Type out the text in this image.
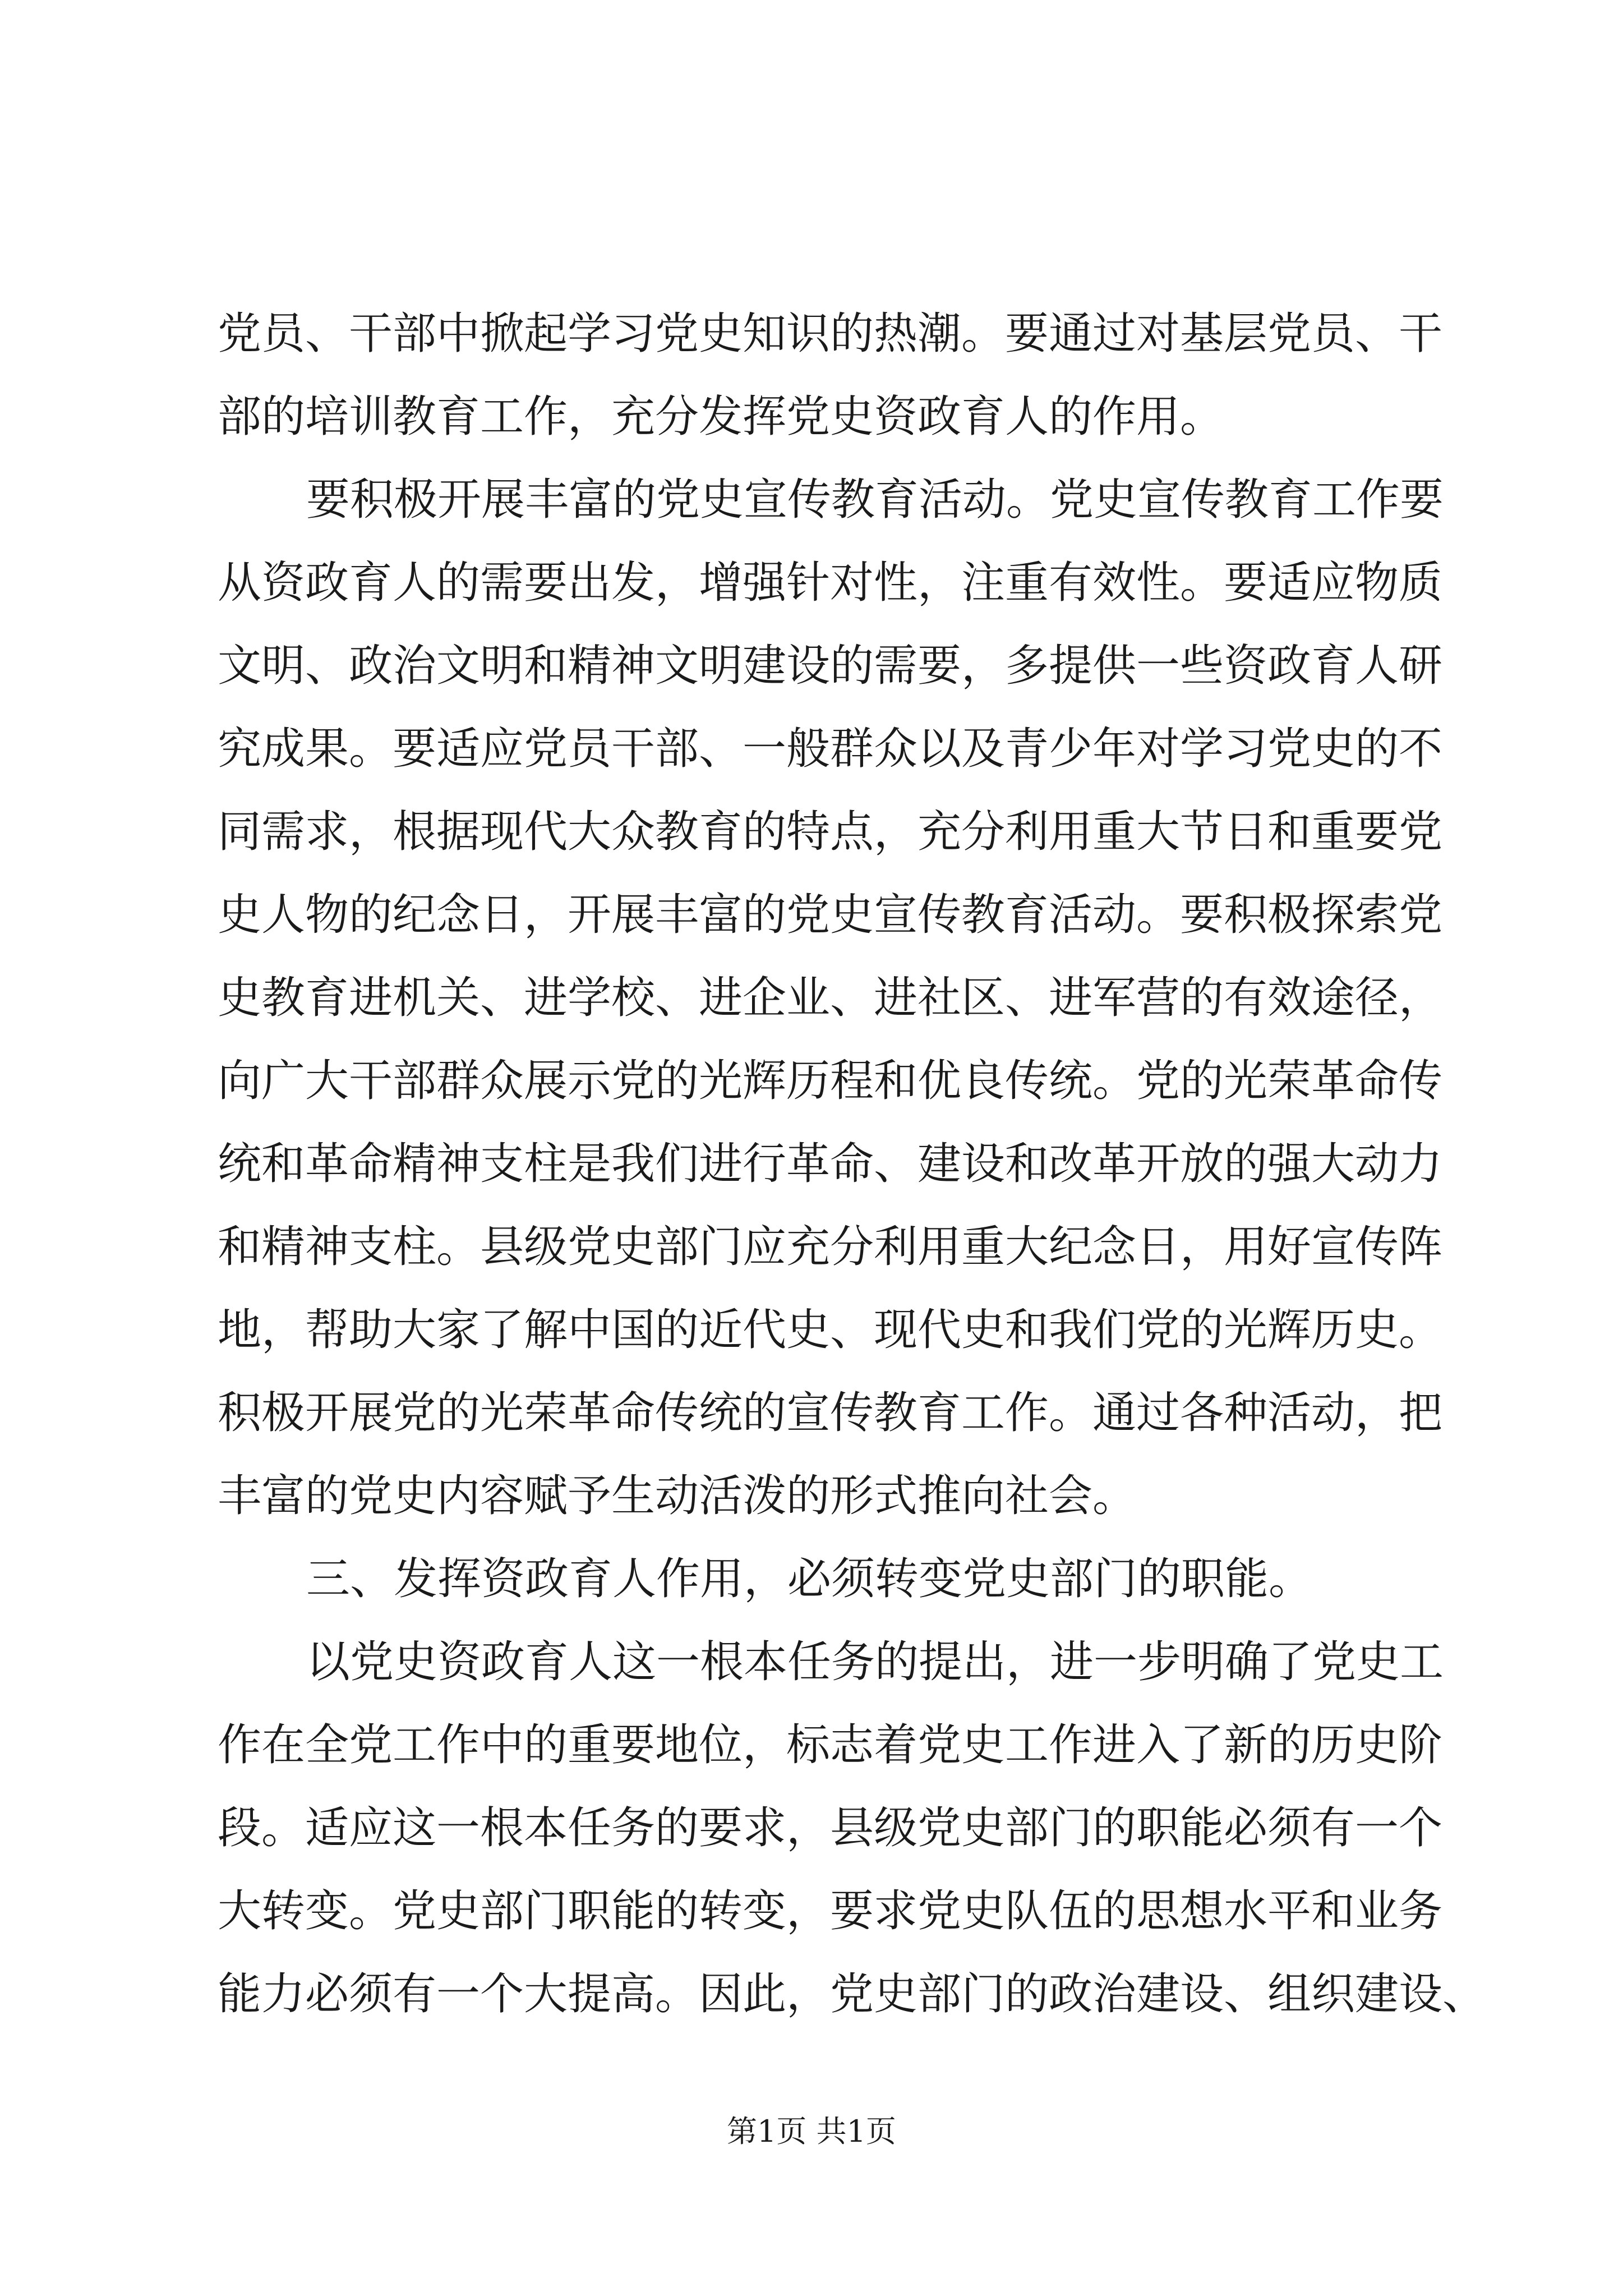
党员、干部中掀起学习党史知识的热潮。要通过对基层党员、干

部的培训教育工作，充分发挥党史资政育人的作用。

要积极开展丰富的党史宣传教育活动。党史宣传教育工作要

从资政育人的需要出发，增强针对性，注重有效性。要适应物质

文明、政治文明和精神文明建设的需要，多提供一些资政育人研

究成果。要适应党员干部、一般群众以及青少年对学习党史的不

同需求，根据现代大众教育的特点，充分利用重大节日和重要党

史人物的纪念日，开展丰富的党史宣传教育活动。要积极探索党

史教育进机关、进学校、进企业、进社区、进军营的有效途径，

向广大干部群众展示党的光辉历程和优良传统。党的光荣革命传

统和革命精神支柱是我们进行革命、建设和改革开放的强大动力

和精神支柱。县级党史部门应充分利用重大纪念日，用好宣传阵

地，帮助大家了解中国的近代史、现代史和我们党的光辉历史。

积极开展党的光荣革命传统的宣传教育工作。通过各种活动，把

丰富的党史内容赋予生动活泼的形式推向社会。

三、发挥资政育人作用，必须转变党史部门的职能。

以党史资政育人这一根本任务的提出，进一步明确了党史工

作在全党工作中的重要地位，标志着党史工作进入了新的历史阶

段。适应这一根本任务的要求，县级党史部门的职能必须有一个

大转变。党史部门职能的转变，要求党史队伍的思想水平和业务

能力必须有一个大提高。因此，党史部门的政治建设、组织建设、

第1页 共1页
